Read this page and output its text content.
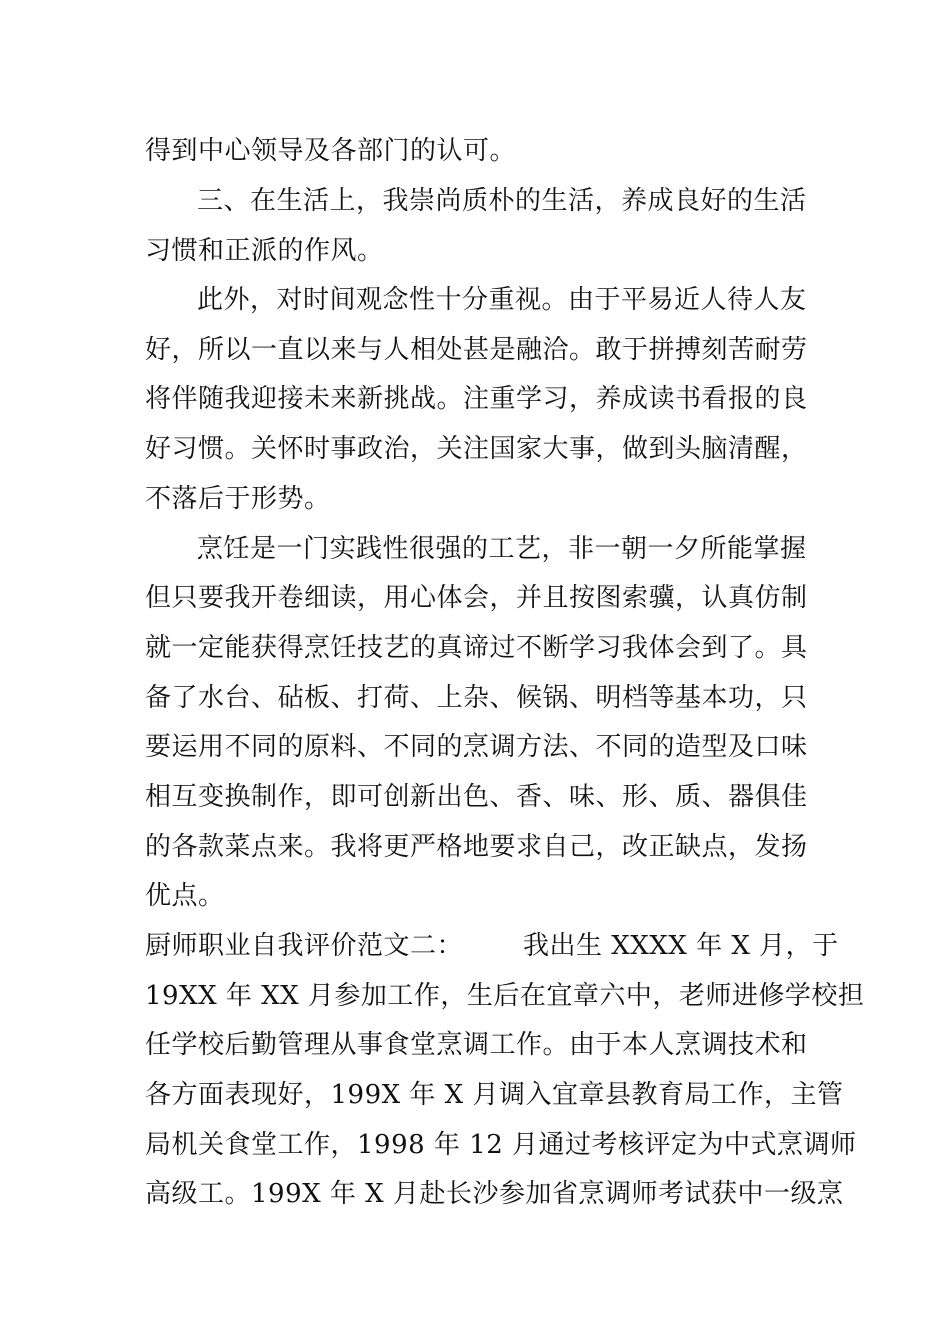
得到中心领导及各部门的认可。
三、在生活上，我崇尚质朴的生活，养成良好的生活
习惯和正派的作风。
此外，对时间观念性十分重视。由于平易近人待人友
好，所以一直以来与人相处甚是融洽。敢于拼搏刻苦耐劳
将伴随我迎接未来新挑战。注重学习，养成读书看报的良
好习惯。关怀时事政治，关注国家大事，做到头脑清醒，
不落后于形势。
烹饪是一门实践性很强的工艺，非一朝一夕所能掌握
但只要我开卷细读，用心体会，并且按图索骥，认真仿制
就一定能获得烹饪技艺的真谛过不断学习我体会到了。具
备了水台、砧板、打荷、上杂、候锅、明档等基本功，只
要运用不同的原料、不同的烹调方法、不同的造型及口味
相互变换制作，即可创新出色、香、味、形、质、器俱佳
的各款菜点来。我将更严格地要求自己，改正缺点，发扬
优点。
厨师职业自我评价范文二： 我出生 XXXX 年 X 月，于
19XX 年 XX 月参加工作，生后在宜章六中，老师进修学校担
任学校后勤管理从事食堂烹调工作。由于本人烹调技术和
各方面表现好，199X 年 X 月调入宜章县教育局工作，主管
局机关食堂工作，1998 年 12 月通过考核评定为中式烹调师
高级工。199X 年 X 月赴长沙参加省烹调师考试获中一级烹
